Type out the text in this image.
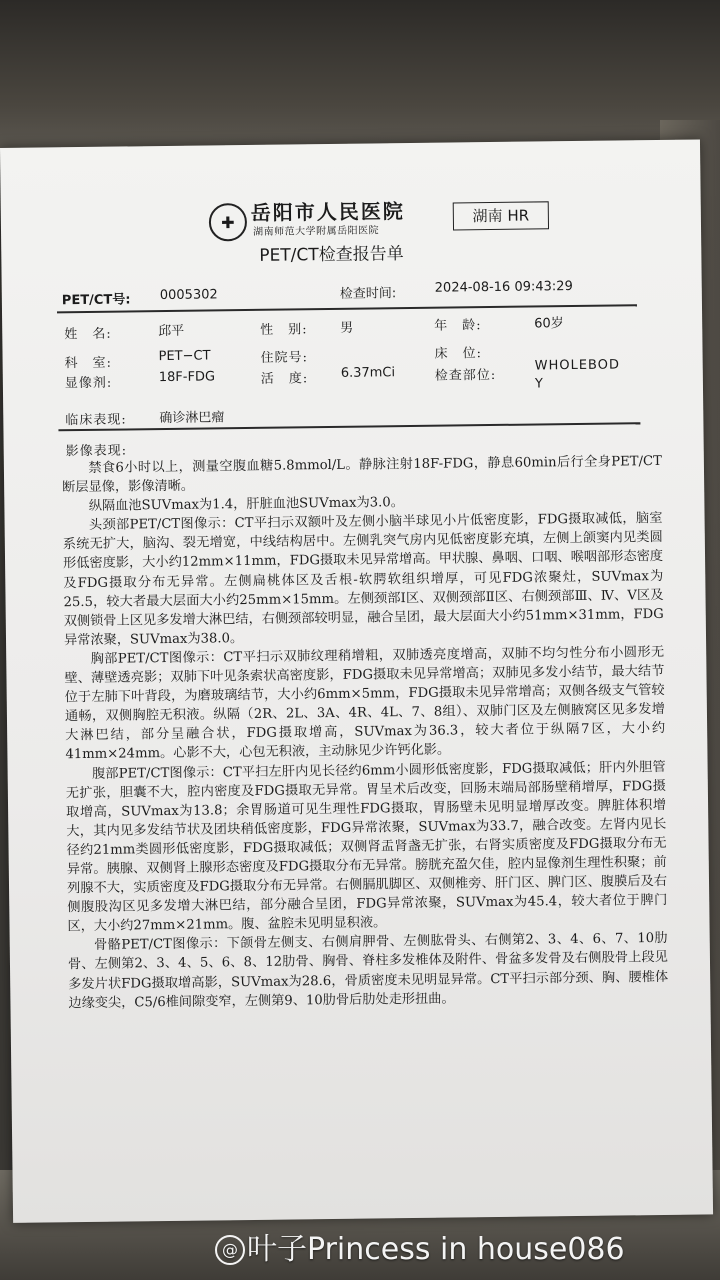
✚ 岳阳市人民医院
湖南师范大学附属岳阳医院
湖南 HR
PET/CT检查报告单
PET/CT号: 0005302	检查时间:	2024-08-16 09:43:29
姓　名:	邱平	性　别: 男	年　龄:	60岁
科　室:	PET−CT	住院号:	床　位:
显像剂:	18F-FDG	活　度: 6.37mCi	检查部位:
WHOLEBOD
Y
临床表现: 确诊淋巴瘤
影像表现:

禁食6小时以上，测量空腹血糖5.8mmol/L。静脉注射18F-FDG，静息60min后行全身PET/CT断层显像，影像清晰。

纵隔血池SUVmax为1.4，肝脏血池SUVmax为3.0。

头颈部PET/CT图像示：CT平扫示双额叶及左侧小脑半球见小片低密度影，FDG摄取减低，脑室系统无扩大，脑沟、裂无增宽，中线结构居中。左侧乳突气房内见低密度影充填，左侧上颌窦内见类圆形低密度影，大小约12mm×11mm，FDG摄取未见异常增高。甲状腺、鼻咽、口咽、喉咽部形态密度及FDG摄取分布无异常。左侧扁桃体区及舌根-软腭软组织增厚，可见FDG浓聚灶，SUVmax为25.5，较大者最大层面大小约25mm×15mm。左侧颈部Ⅰ区、双侧颈部Ⅱ区、右侧颈部Ⅲ、Ⅳ、Ⅴ区及双侧锁骨上区见多发增大淋巴结，右侧颈部较明显，融合呈团，最大层面大小约51mm×31mm，FDG异常浓聚，SUVmax为38.0。

胸部PET/CT图像示：CT平扫示双肺纹理稍增粗，双肺透亮度增高，双肺不均匀性分布小圆形无壁、薄壁透亮影；双肺下叶见条索状高密度影，FDG摄取未见异常增高；双肺见多发小结节，最大结节位于左肺下叶背段，为磨玻璃结节，大小约6mm×5mm，FDG摄取未见异常增高；双侧各级支气管较通畅，双侧胸腔无积液。纵隔（2R、2L、3A、4R、4L、7、8组）、双肺门区及左侧腋窝区见多发增大淋巴结，部分呈融合状，FDG摄取增高，SUVmax为36.3，较大者位于纵隔7区，大小约41mm×24mm。心影不大，心包无积液，主动脉见少许钙化影。

腹部PET/CT图像示：CT平扫左肝内见长径约6mm小圆形低密度影，FDG摄取减低；肝内外胆管无扩张，胆囊不大，腔内密度及FDG摄取无异常。胃呈术后改变，回肠末端局部肠壁稍增厚，FDG摄取增高，SUVmax为13.8；余胃肠道可见生理性FDG摄取，胃肠壁未见明显增厚改变。脾脏体积增大，其内见多发结节状及团块稍低密度影，FDG异常浓聚，SUVmax为33.7，融合改变。左肾内见长径约21mm类圆形低密度影，FDG摄取减低；双侧肾盂肾盏无扩张，右肾实质密度及FDG摄取分布无异常。胰腺、双侧肾上腺形态密度及FDG摄取分布无异常。膀胱充盈欠佳，腔内显像剂生理性积聚；前列腺不大，实质密度及FDG摄取分布无异常。右侧膈肌脚区、双侧椎旁、肝门区、脾门区、腹膜后及右侧腹股沟区见多发增大淋巴结，部分融合呈团，FDG异常浓聚，SUVmax为45.4，较大者位于脾门区，大小约27mm×21mm。腹、盆腔未见明显积液。

骨骼PET/CT图像示：下颌骨左侧支、右侧肩胛骨、左侧肱骨头、右侧第2、3、4、6、7、10肋骨、左侧第2、3、4、5、6、8、12肋骨、胸骨、脊柱多发椎体及附件、骨盆多发骨及右侧股骨上段见多发片状FDG摄取增高影，SUVmax为28.6，骨质密度未见明显异常。CT平扫示部分颈、胸、腰椎体边缘变尖，C5/6椎间隙变窄，左侧第9、10肋骨后肋处走形扭曲。

@ 叶子Princess in house086
